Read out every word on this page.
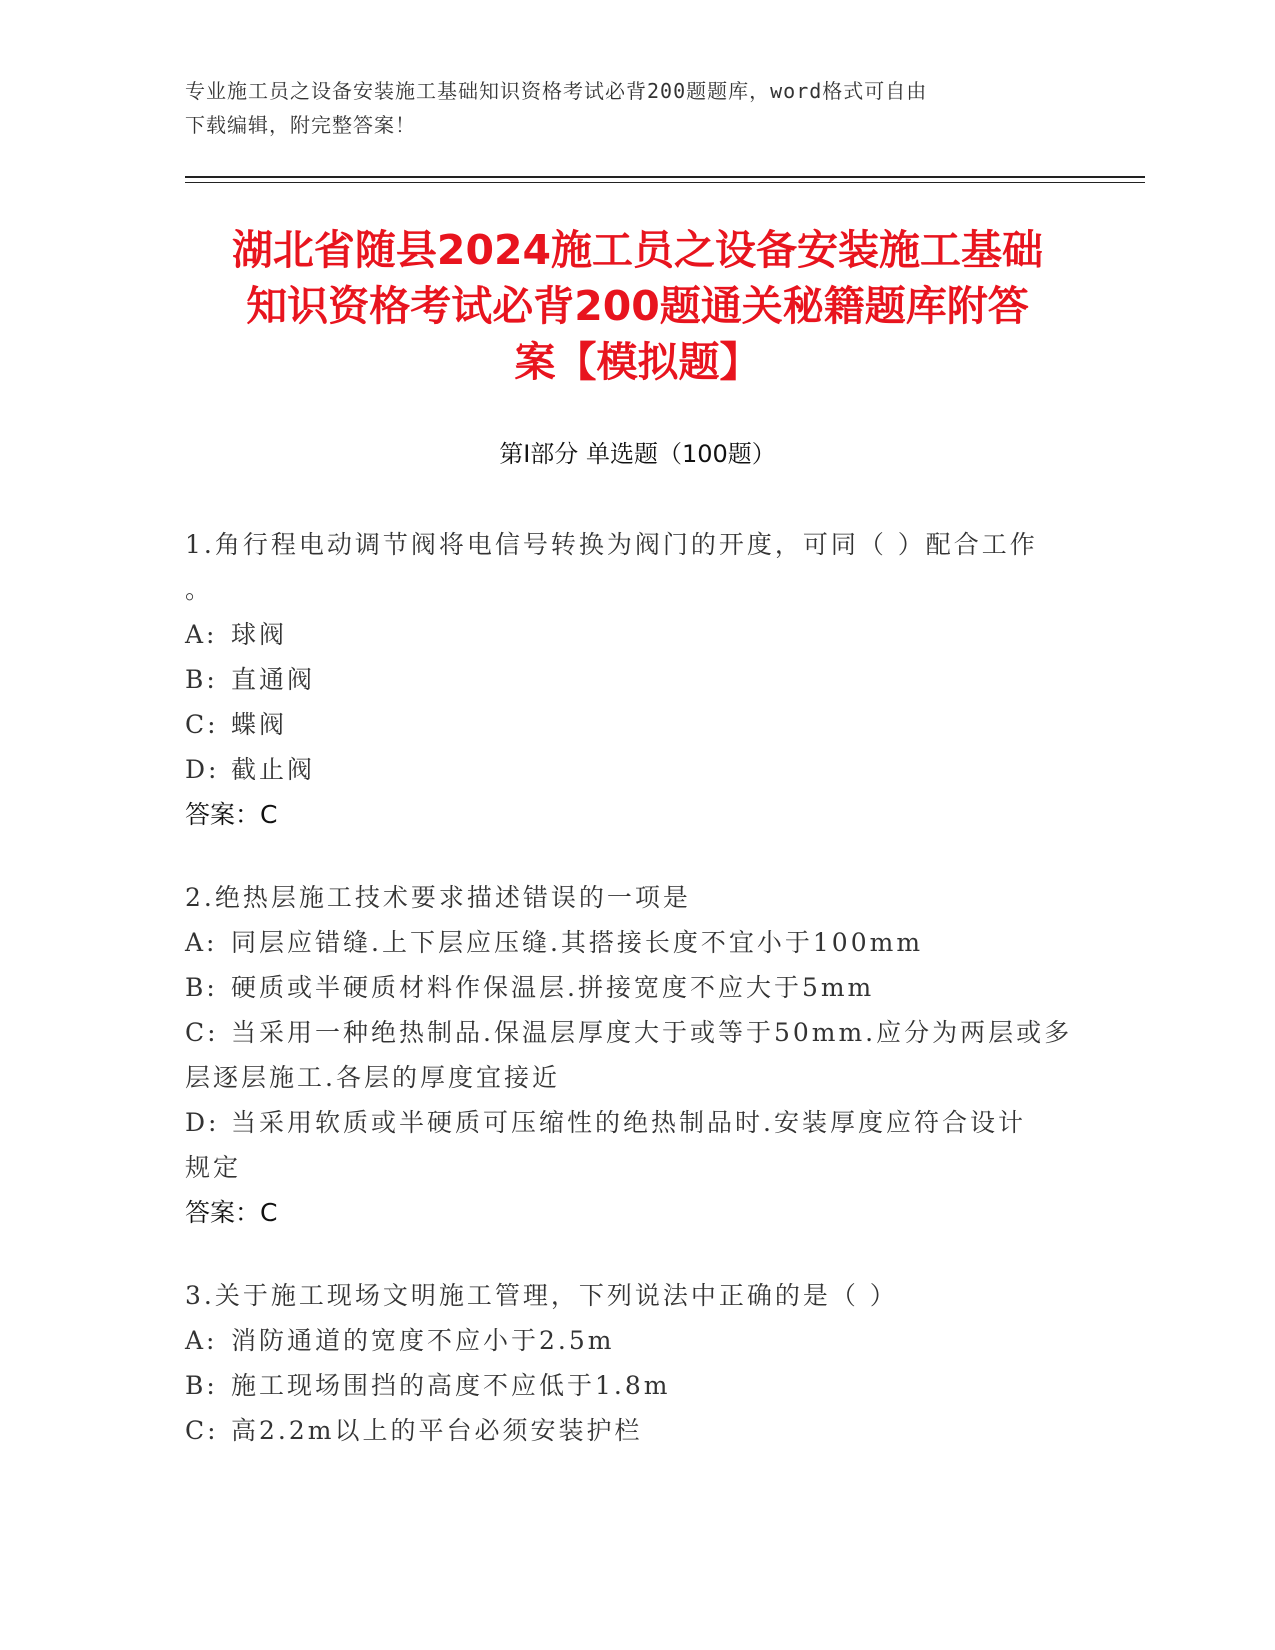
专业施工员之设备安装施工基础知识资格考试必背200题题库，word格式可自由
下载编辑，附完整答案！
湖北省随县2024施工员之设备安装施工基础
知识资格考试必背200题通关秘籍题库附答
案【模拟题】
第Ⅰ部分 单选题（100题）

1.角行程电动调节阀将电信号转换为阀门的开度，可同（ ）配合工作

。

A: 球阀

B: 直通阀

C: 蝶阀

D: 截止阀

答案：C

2.绝热层施工技术要求描述错误的一项是

A: 同层应错缝.上下层应压缝.其搭接长度不宜小于100mm

B: 硬质或半硬质材料作保温层.拼接宽度不应大于5mm

C: 当采用一种绝热制品.保温层厚度大于或等于50mm.应分为两层或多

层逐层施工.各层的厚度宜接近

D: 当采用软质或半硬质可压缩性的绝热制品时.安装厚度应符合设计

规定

答案：C

3.关于施工现场文明施工管理，下列说法中正确的是（ ）

A: 消防通道的宽度不应小于2.5m

B: 施工现场围挡的高度不应低于1.8m

C: 高2.2m以上的平台必须安装护栏
